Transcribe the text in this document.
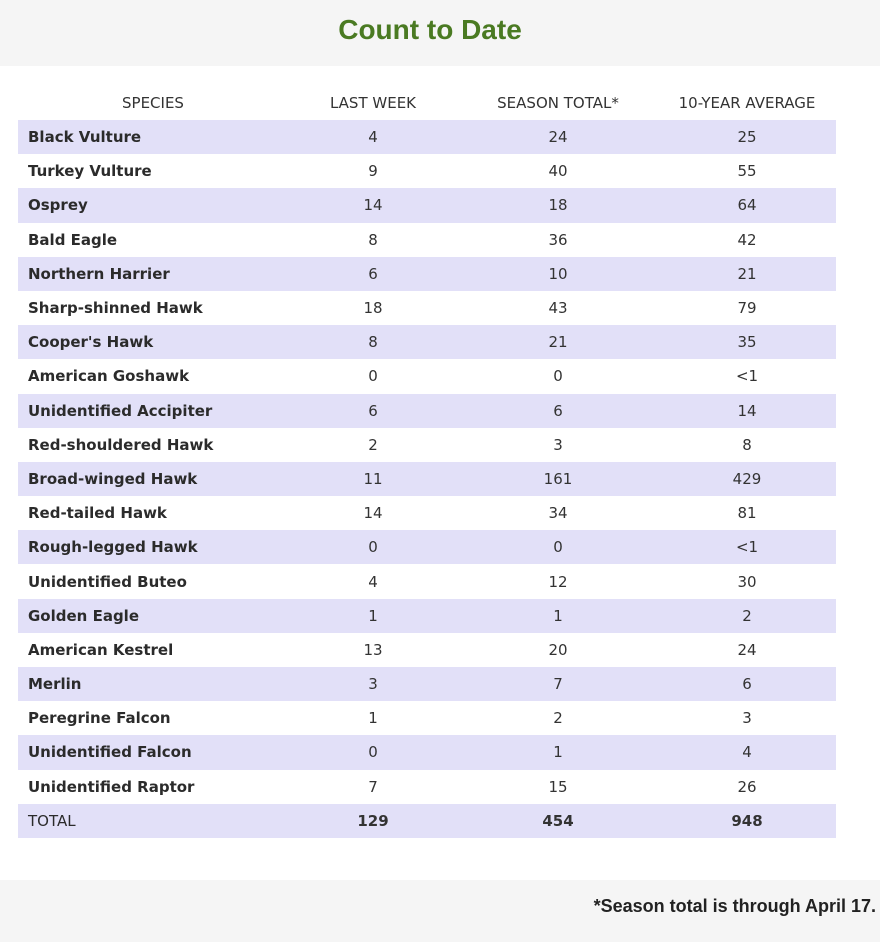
Count to Date
SPECIES	LAST WEEK	SEASON TOTAL*	10-YEAR AVERAGE
Black Vulture	4	24	25
Turkey Vulture	9	40	55
Osprey	14	18	64
Bald Eagle	8	36	42
Northern Harrier	6	10	21
Sharp-shinned Hawk	18	43	79
Cooper's Hawk	8	21	35
American Goshawk	0	0	<1
Unidentified Accipiter	6	6	14
Red-shouldered Hawk	2	3	8
Broad-winged Hawk	11	161	429
Red-tailed Hawk	14	34	81
Rough-legged Hawk	0	0	<1
Unidentified Buteo	4	12	30
Golden Eagle	1	1	2
American Kestrel	13	20	24
Merlin	3	7	6
Peregrine Falcon	1	2	3
Unidentified Falcon	0	1	4
Unidentified Raptor	7	15	26
TOTAL	129	454	948
*Season total is through April 17.
